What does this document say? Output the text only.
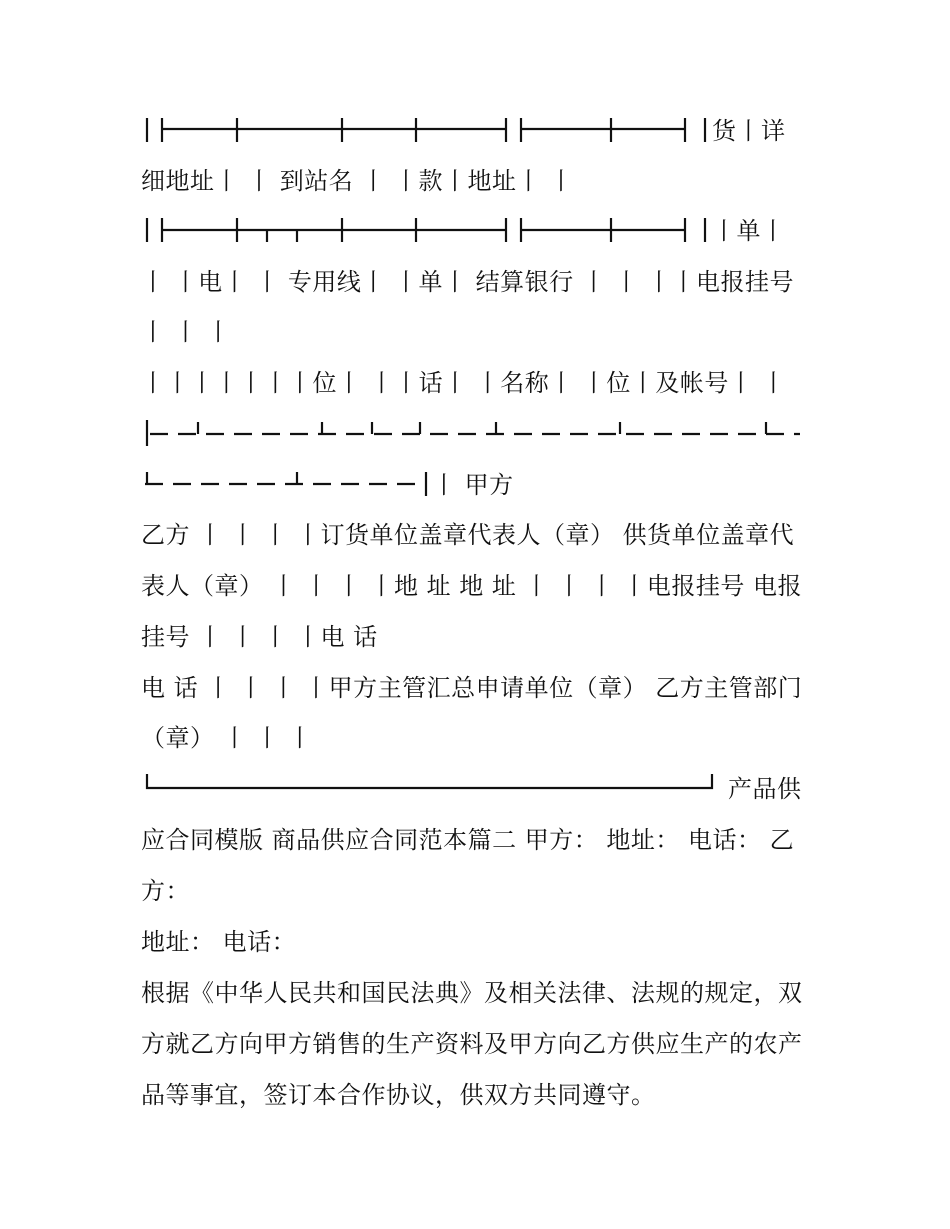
货丨详
细地址丨 丨 到站名 丨 丨款丨地址丨 丨
丨单丨
丨 丨电丨 丨 专用线丨 丨单丨 结算银行 丨 丨 丨丨电报挂号
丨 丨 丨
丨丨丨丨丨丨丨位丨 丨丨话丨 丨名称丨 丨位丨及帐号丨 丨
丨 甲方
乙方 丨 丨 丨 丨订货单位盖章代表人（章） 供货单位盖章代
表人（章） 丨 丨 丨 丨地 址 地 址 丨 丨 丨 丨电报挂号 电报
挂号 丨 丨 丨 丨电 话
电 话 丨 丨 丨 丨甲方主管汇总申请单位（章） 乙方主管部门
（章） 丨 丨 丨
产品供
应合同模版 商品供应合同范本篇二 甲方： 地址： 电话： 乙
方：
地址： 电话：
根据《中华人民共和国民法典》及相关法律、法规的规定，双
方就乙方向甲方销售的生产资料及甲方向乙方供应生产的农产
品等事宜，签订本合作协议，供双方共同遵守。
